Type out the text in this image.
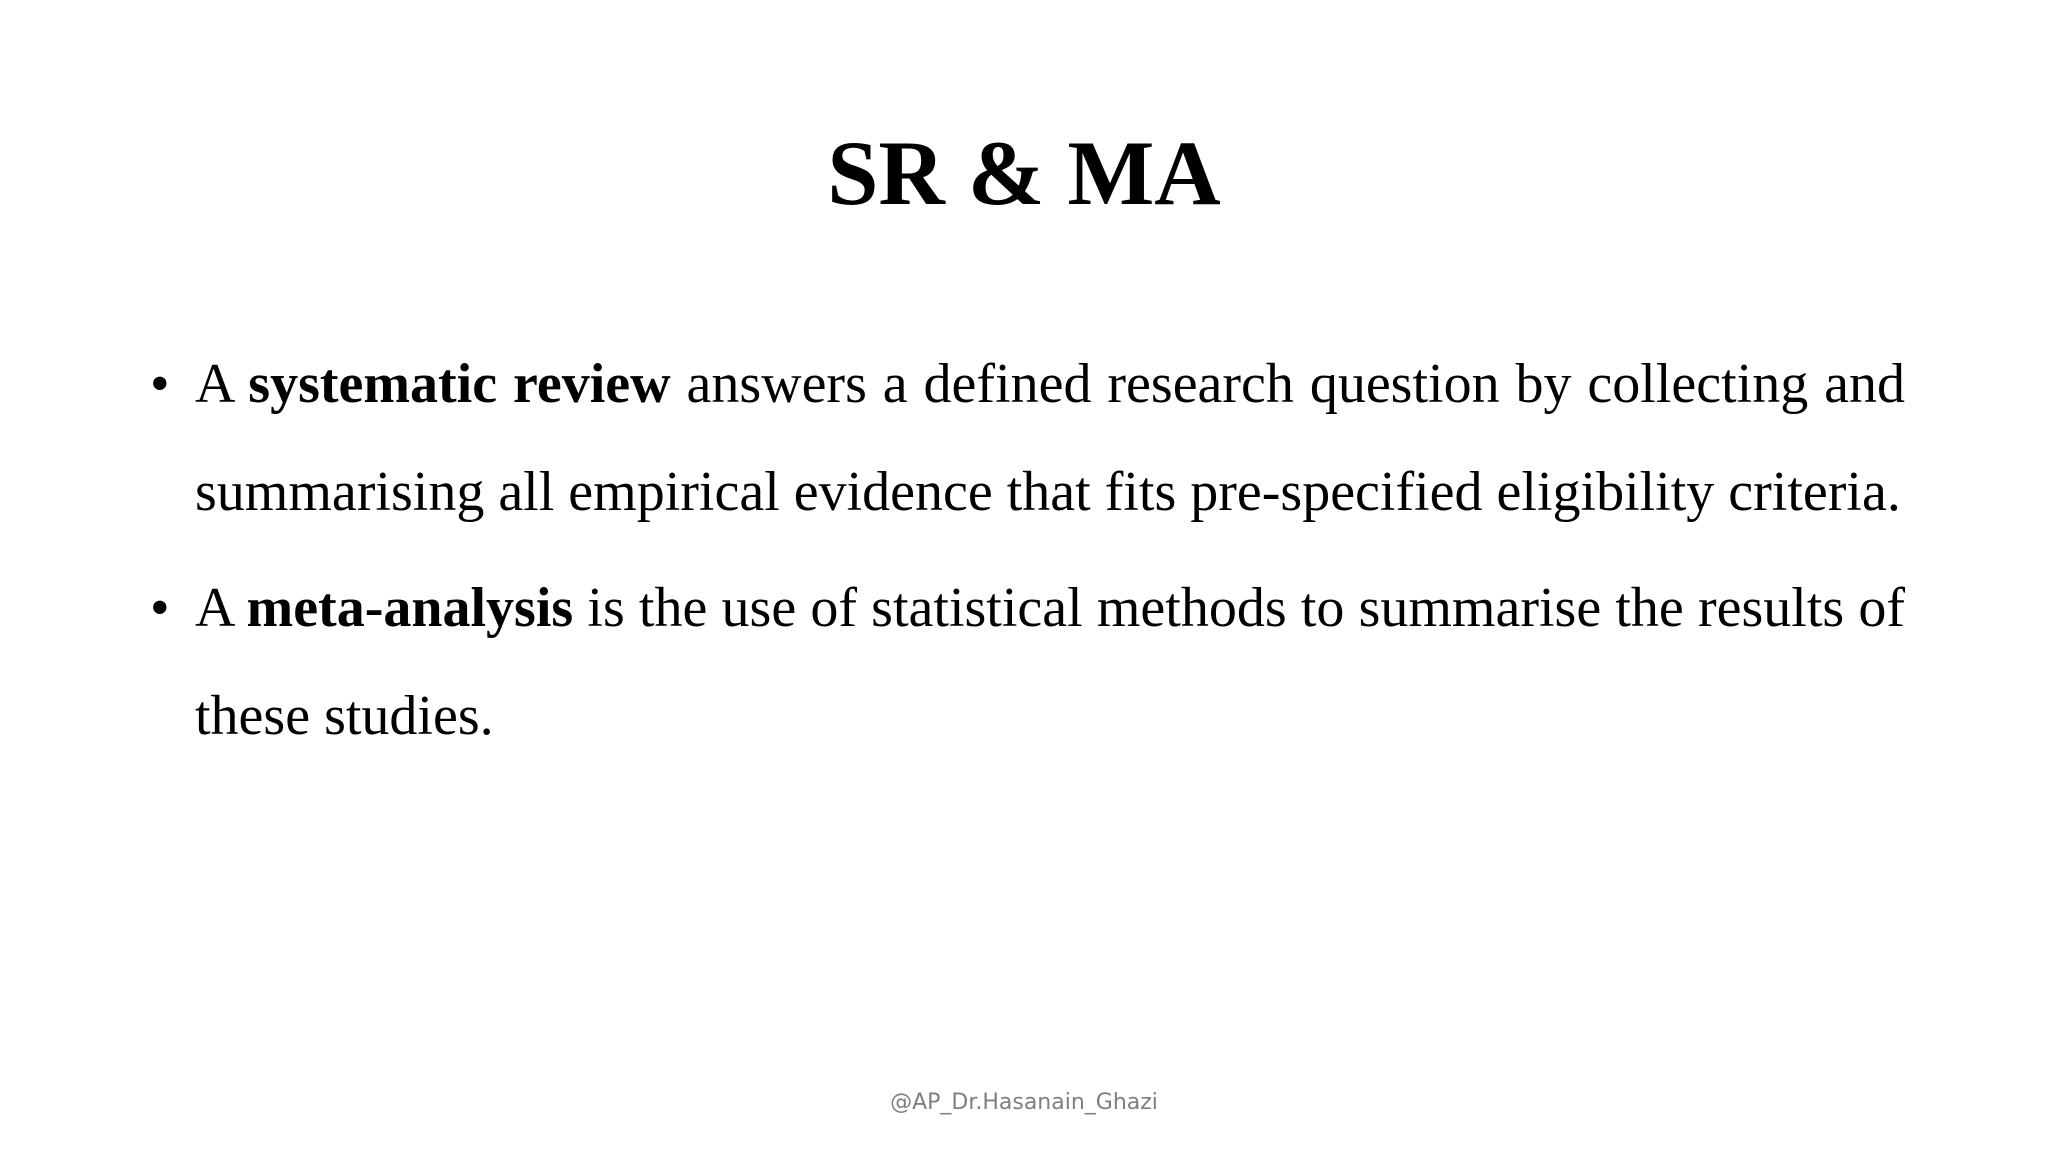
SR & MA
• A systematic review answers a defined research question by collecting and summarising all empirical evidence that fits pre-specified eligibility criteria.
• A meta-analysis is the use of statistical methods to summarise the results of these studies.
@AP_Dr.Hasanain_Ghazi
